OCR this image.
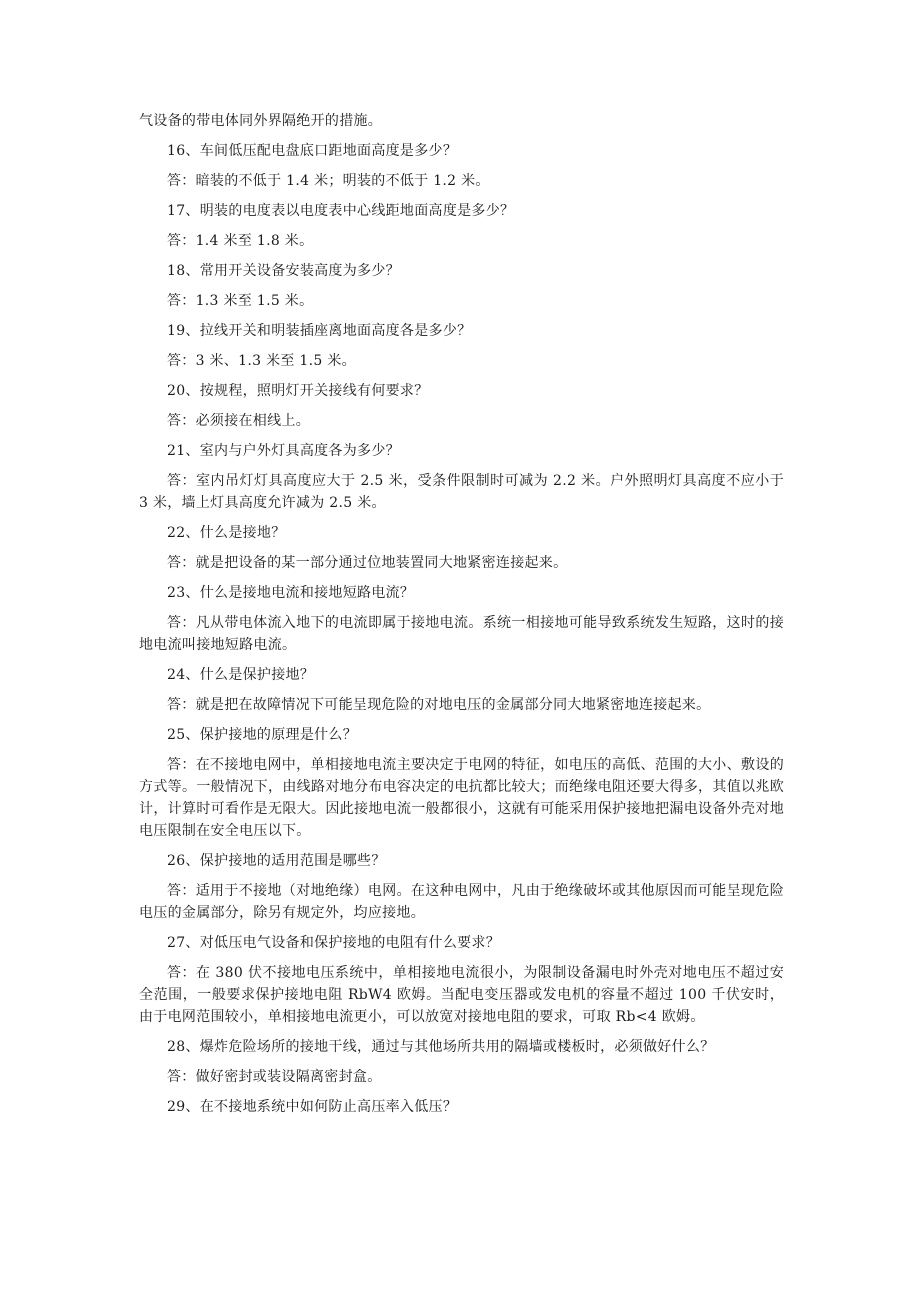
气设备的带电体同外界隔绝开的措施。

16、车间低压配电盘底口距地面高度是多少？

答：暗装的不低于 1.4 米；明装的不低于 1.2 米。

17、明装的电度表以电度表中心线距地面高度是多少？

答：1.4 米至 1.8 米。

18、常用开关设备安装高度为多少？

答：1.3 米至 1.5 米。

19、拉线开关和明装插座离地面高度各是多少？

答：3 米、1.3 米至 1.5 米。

20、按规程，照明灯开关接线有何要求？

答：必须接在相线上。

21、室内与户外灯具高度各为多少？

答：室内吊灯灯具高度应大于 2.5 米，受条件限制时可减为 2.2 米。户外照明灯具高度不应小于 3 米，墙上灯具高度允许减为 2.5 米。

22、什么是接地？

答：就是把设备的某一部分通过位地装置同大地紧密连接起来。

23、什么是接地电流和接地短路电流？

答：凡从带电体流入地下的电流即属于接地电流。系统一相接地可能导致系统发生短路，这时的接地电流叫接地短路电流。

24、什么是保护接地？

答：就是把在故障情况下可能呈现危险的对地电压的金属部分同大地紧密地连接起来。

25、保护接地的原理是什么？

答：在不接地电网中，单相接地电流主要决定于电网的特征，如电压的高低、范围的大小、敷设的方式等。一般情况下，由线路对地分布电容决定的电抗都比较大；而绝缘电阻还要大得多，其值以兆欧计，计算时可看作是无限大。因此接地电流一般都很小，这就有可能采用保护接地把漏电设备外壳对地电压限制在安全电压以下。

26、保护接地的适用范围是哪些？

答：适用于不接地（对地绝缘）电网。在这种电网中，凡由于绝缘破坏或其他原因而可能呈现危险电压的金属部分，除另有规定外，均应接地。

27、对低压电气设备和保护接地的电阻有什么要求？

答：在 380 伏不接地电压系统中，单相接地电流很小，为限制设备漏电时外壳对地电压不超过安全范围，一般要求保护接地电阻 RbW4 欧姆。当配电变压器或发电机的容量不超过 100 千伏安时，由于电网范围较小，单相接地电流更小，可以放宽对接地电阻的要求，可取 Rb<4 欧姆。

28、爆炸危险场所的接地干线，通过与其他场所共用的隔墙或楼板时，必须做好什么？

答：做好密封或装设隔离密封盒。

29、在不接地系统中如何防止高压率入低压？
